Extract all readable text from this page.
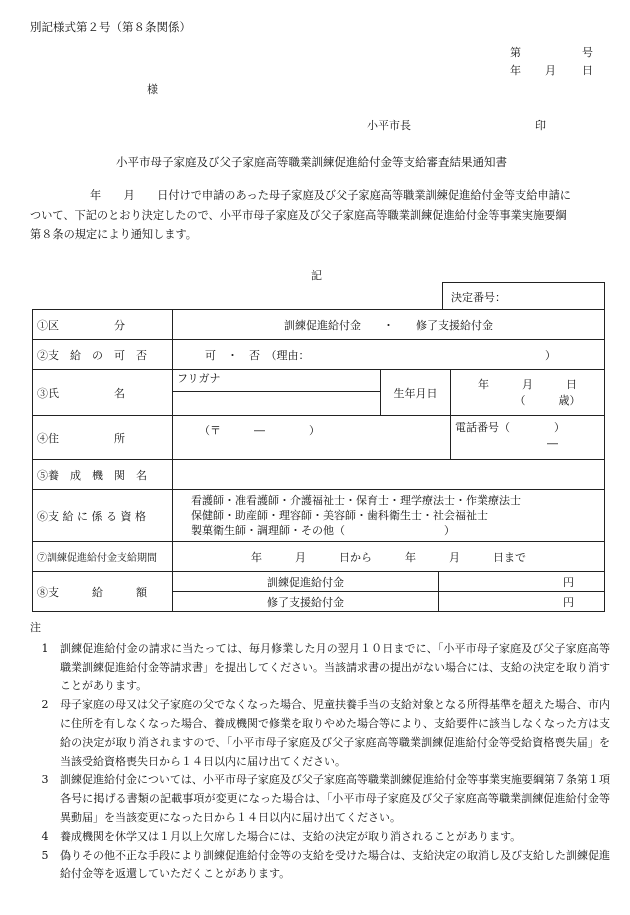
別記様式第２号（第８条関係）
第	号
年 月 日
様
小平市長	印
小平市母子家庭及び父子家庭高等職業訓練促進給付金等支給審査結果通知書
年　　月　　日付けで申請のあった母子家庭及び父子家庭高等職業訓練促進給付金等支給申請に
ついて、下記のとおり決定したので、小平市母子家庭及び父子家庭高等職業訓練促進給付金等事業実施要綱
第８条の規定により通知します。
記
決定番号：
①区　　　　　分	訓練促進給付金　　・　　修了支援給付金			
②支　給　の　可　否	可　・　否　（理由： ）			

③氏　　　　　名	フリガナ	生年月日		年　　　月　　　日
（　　　歳）

④住　　　　　所	（〒　　　―　　　　）			電話番号（　　　　）
―

⑤養　成　機　関　名				
⑥支 給 に 係 る 資 格	看護師・准看護師・介護福祉士・保育士・理学療法士・作業療法士
保健師・助産師・理容師・美容師・歯科衛生士・社会福祉士
製菓衛生師・調理師・その他（　　　　　　　　　）			

⑦訓練促進給付金支給期間	年　　　月　　　日から　　　年　　　月　　　日まで			
⑧支　　　給　　　額	訓練促進給付金		円	
	修了支援給付金		円	
注
1	訓練促進給付金の請求に当たっては、毎月修業した月の翌月１０日までに、「小平市母子家庭及び父子家庭高等職業訓練促進給付金等請求書」を提出してください。当該請求書の提出がない場合には、支給の決定を取り消すことがあります。
2	母子家庭の母又は父子家庭の父でなくなった場合、児童扶養手当の支給対象となる所得基準を超えた場合、市内に住所を有しなくなった場合、養成機関で修業を取りやめた場合等により、支給要件に該当しなくなった方は支給の決定が取り消されますので、「小平市母子家庭及び父子家庭高等職業訓練促進給付金等受給資格喪失届」を当該受給資格喪失日から１４日以内に届け出てください。
3	訓練促進給付金については、小平市母子家庭及び父子家庭高等職業訓練促進給付金等事業実施要綱第７条第１項各号に掲げる書類の記載事項が変更になった場合は、「小平市母子家庭及び父子家庭高等職業訓練促進給付金等異動届」を当該変更になった日から１４日以内に届け出てください。
4	養成機関を休学又は１月以上欠席した場合には、支給の決定が取り消されることがあります。
5	偽りその他不正な手段により訓練促進給付金等の支給を受けた場合は、支給決定の取消し及び支給した訓練促進給付金等を返還していただくことがあります。
